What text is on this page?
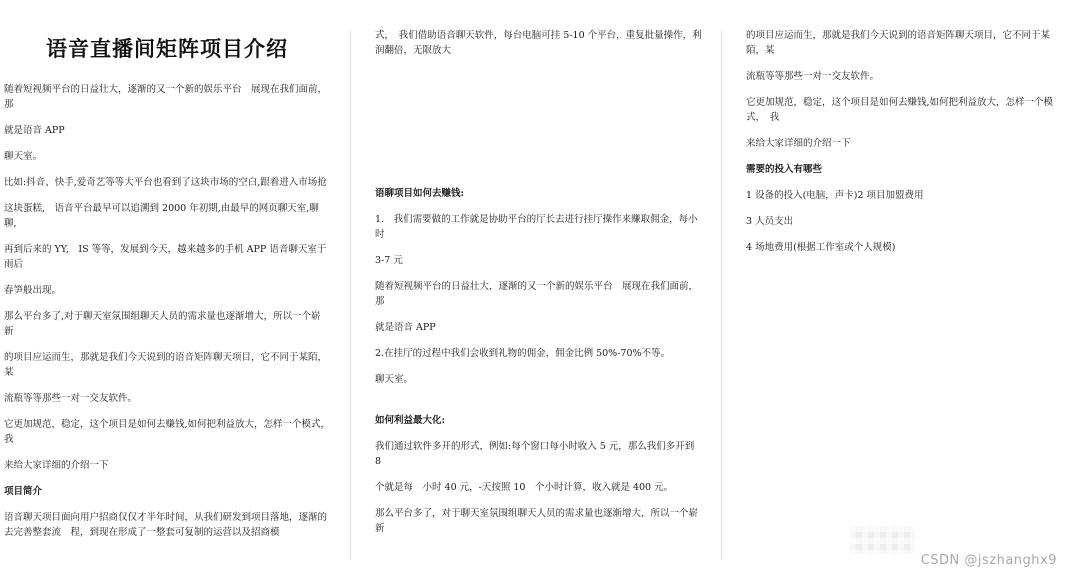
语音直播间矩阵项目介绍
随着短视频平台的日益壮大，逐渐的又一个新的娱乐平台　展现在我们面前，那
就是语音 APP
聊天室。
比如:抖音、快手,爱奇艺等等大平台也看到了这块市场的空白,跟着进入市场抢
这块蛋糕,　语音平台最早可以追溯到 2000 年初期,由最早的网页聊天室,聊聊,
再到后来的 YY,　IS 等等，发展到今天，越来越多的手机 APP 语音聊天室于雨后
春笋般出现。
那么平台多了,对于聊天室氛围组聊天人员的需求量也逐渐增大，所以一个崭新
的项目应运而生，那就是我们今天说到的语音矩阵聊天项目，它不同于某陌，某
流瓶等等那些一对一交友软件。
它更加规范，稳定，这个项目是如何去赚钱,如何把利益放大，怎样一个模式，　我
来给大家详细的介绍一下
项目简介
语音聊天项目面向用户招商仅仅才半年时间，从我们研发到项目落地，逐渐的去完善整套流　程，到现在形成了一整套可复制的运营以及招商模
式，　我们借助语音聊天软件，每台电脑可挂 5-10 个平台，重复批量操作，利润翻倍，无限放大
语聊项目如何去赚钱:
1.　我们需要做的工作就是协助平台的厅长去进行挂厅操作来赚取佣金，每小时
3-7 元
随着短视频平台的日益壮大，逐渐的又一个新的娱乐平台　展现在我们面前，那
就是语音 APP
2.在挂厅的过程中我们会收到礼物的佣金，佣金比例 50%-70%不等。
聊天室。
如何利益最大化:
我们通过软件多开的形式，例如:每个窗口每小时收入 5 元，那么我们多开到 8
个就是每　小时 40 元，-天按照 10　个小时计算，收入就是 400 元。
那么平台多了，对于聊天室氛围组聊天人员的需求量也逐渐增大，所以一个崭新
的项目应运而生，那就是我们今天说到的语音矩阵聊天项目，它不同于某陌，某
流瓶等等那些一对一交友软件。
它更加规范，稳定，这个项目是如何去赚钱,如何把利益放大，怎样一个模式，　我
来给大家详细的介绍一下
需要的投入有哪些
1 设备的投入(电脑，声卡)2 项目加盟费用
3 人员支出
4 场地费用(根据工作室或个人规模)
CSDN @jszhanghx9
